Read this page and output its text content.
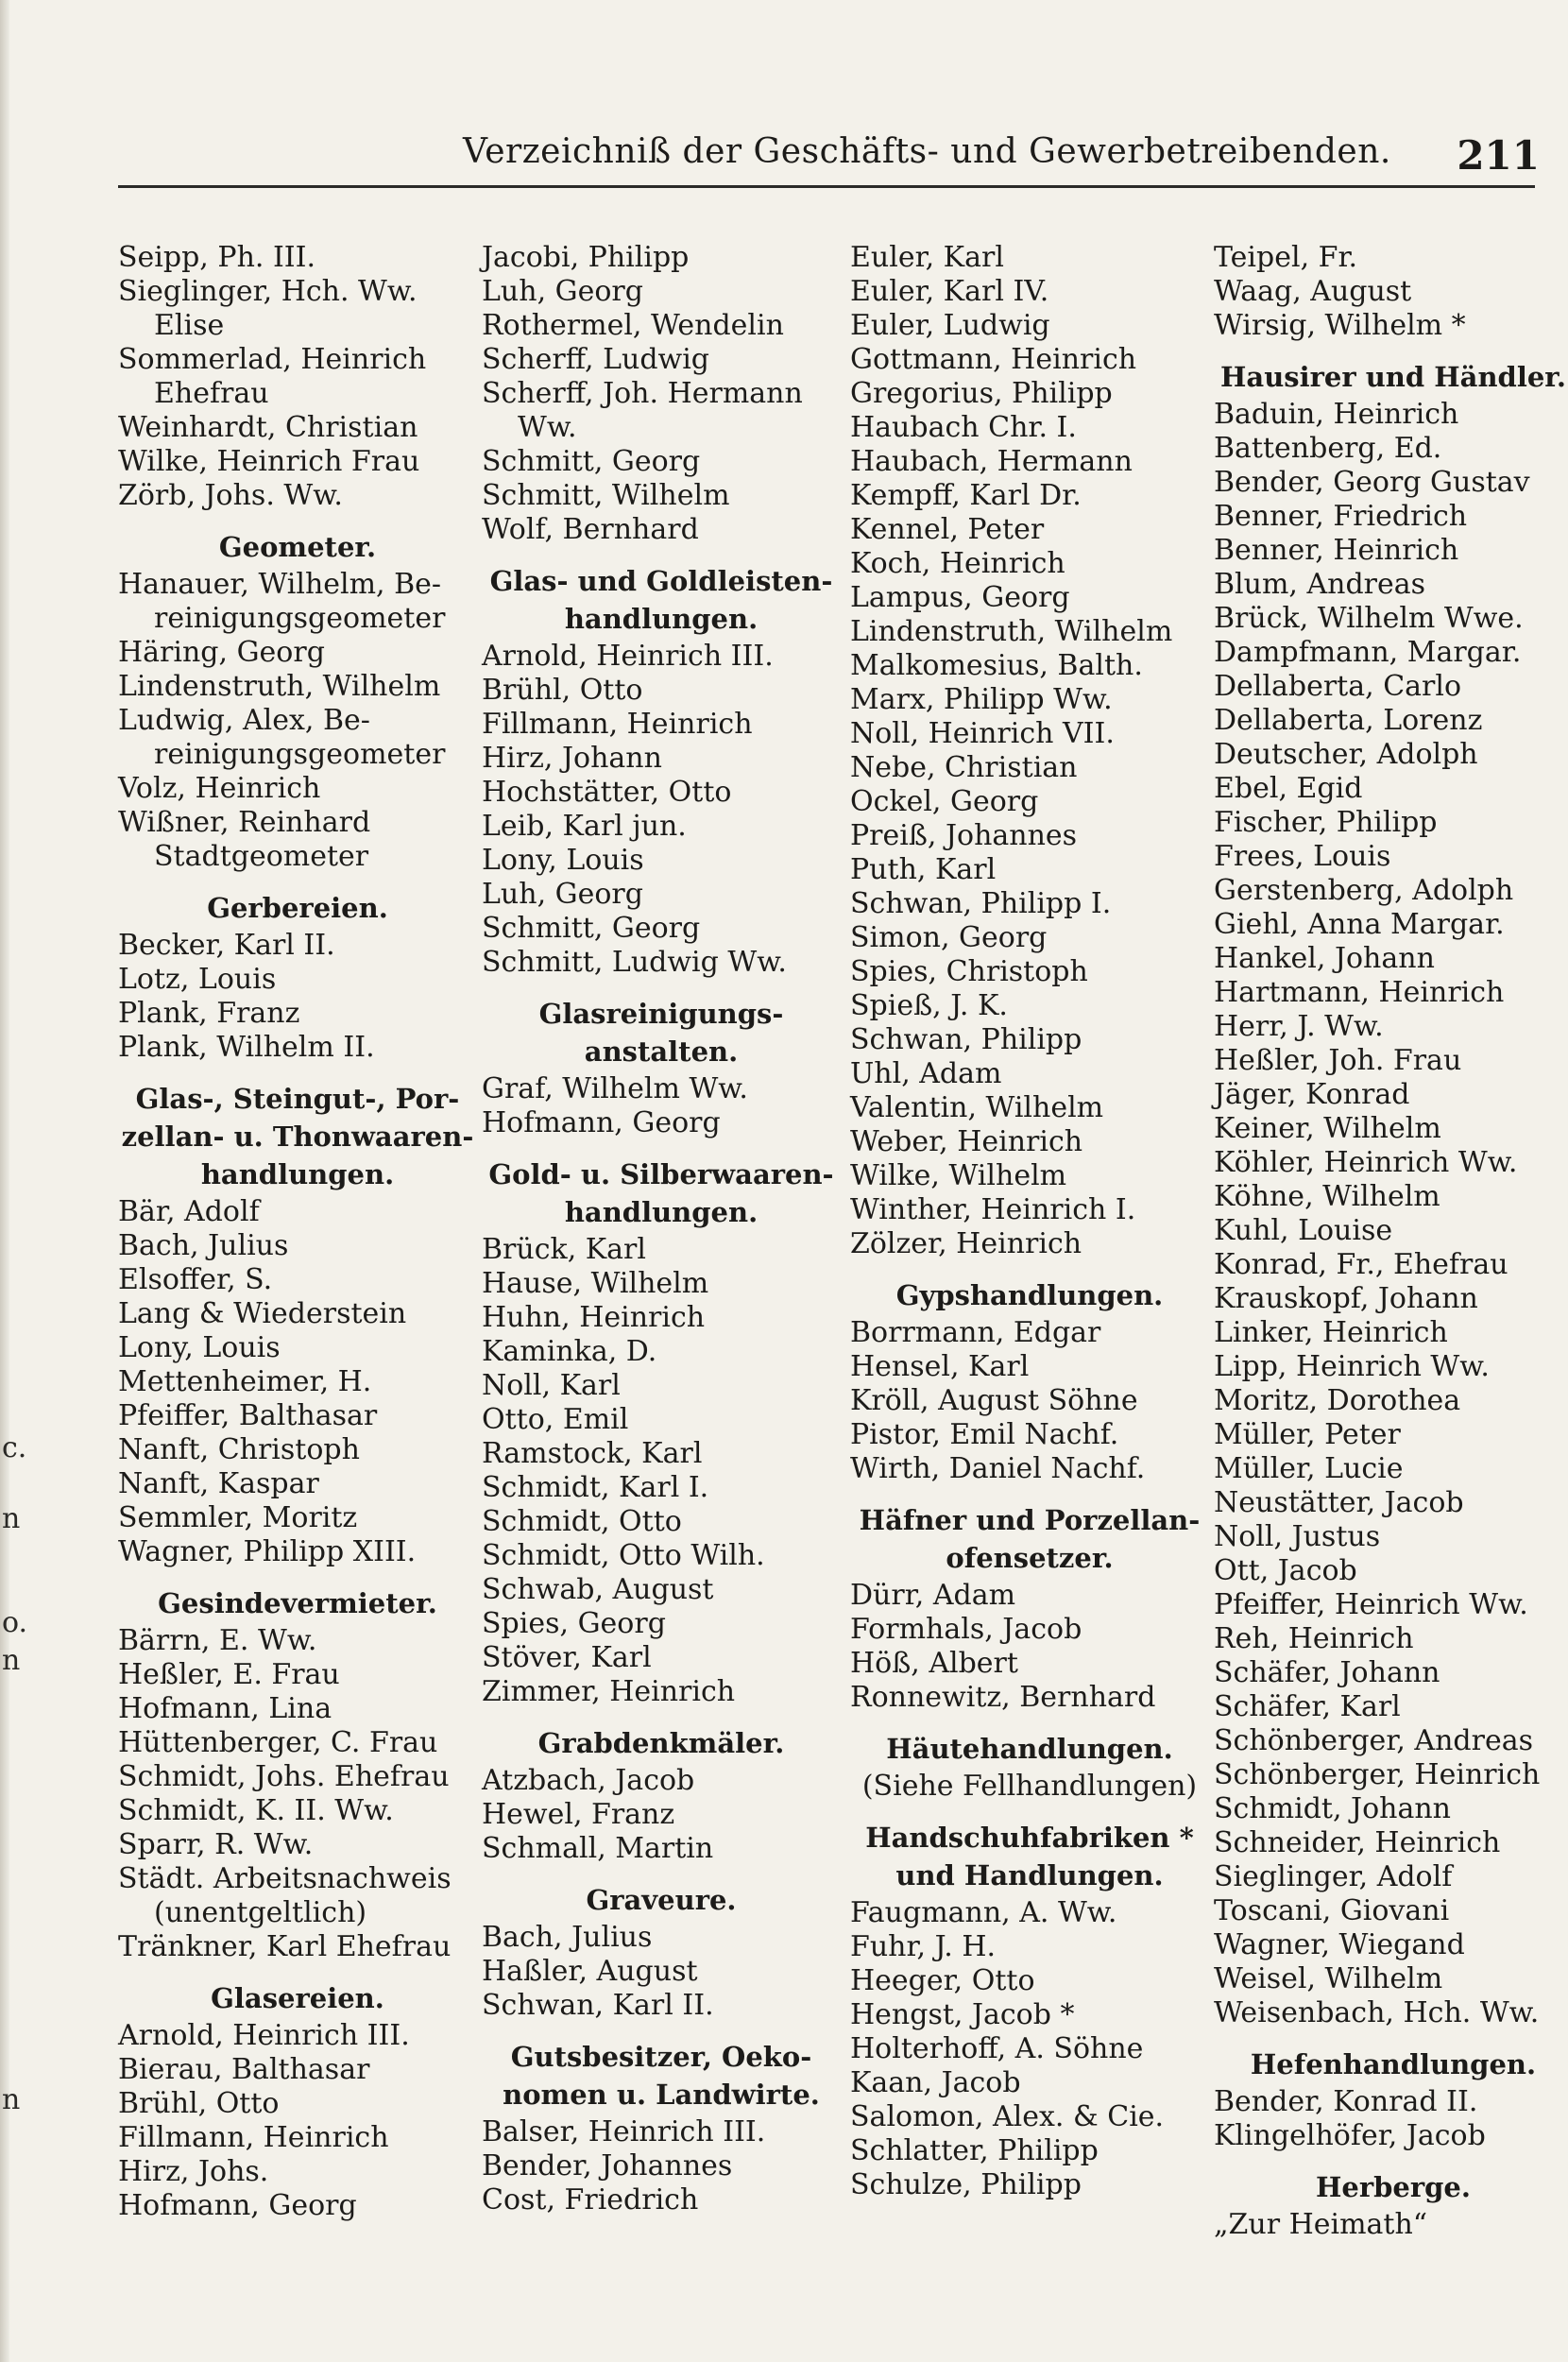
c.
n
o.
n
n
Verzeichniß der Geschäfts- und Gewerbetreibenden. 211
Seipp, Ph. III.
Sieglinger, Hch. Ww.
Elise
Sommerlad, Heinrich
Ehefrau
Weinhardt, Christian
Wilke, Heinrich Frau
Zörb, Johs. Ww.
Geometer.
Hanauer, Wilhelm, Be-
reinigungsgeometer
Häring, Georg
Lindenstruth, Wilhelm
Ludwig, Alex, Be-
reinigungsgeometer
Volz, Heinrich
Wißner, Reinhard
Stadtgeometer
Gerbereien.
Becker, Karl II.
Lotz, Louis
Plank, Franz
Plank, Wilhelm II.
Glas-, Steingut-, Por-
zellan- u. Thonwaaren-
handlungen.
Bär, Adolf
Bach, Julius
Elsoffer, S.
Lang & Wiederstein
Lony, Louis
Mettenheimer, H.
Pfeiffer, Balthasar
Nanft, Christoph
Nanft, Kaspar
Semmler, Moritz
Wagner, Philipp XIII.
Gesindevermieter.
Bärrn, E. Ww.
Heßler, E. Frau
Hofmann, Lina
Hüttenberger, C. Frau
Schmidt, Johs. Ehefrau
Schmidt, K. II. Ww.
Sparr, R. Ww.
Städt. Arbeitsnachweis
(unentgeltlich)
Tränkner, Karl Ehefrau
Glasereien.
Arnold, Heinrich III.
Bierau, Balthasar
Brühl, Otto
Fillmann, Heinrich
Hirz, Johs.
Hofmann, Georg
Jacobi, Philipp
Luh, Georg
Rothermel, Wendelin
Scherff, Ludwig
Scherff, Joh. Hermann
Ww.
Schmitt, Georg
Schmitt, Wilhelm
Wolf, Bernhard
Glas- und Goldleisten-
handlungen.
Arnold, Heinrich III.
Brühl, Otto
Fillmann, Heinrich
Hirz, Johann
Hochstätter, Otto
Leib, Karl jun.
Lony, Louis
Luh, Georg
Schmitt, Georg
Schmitt, Ludwig Ww.
Glasreinigungs-
anstalten.
Graf, Wilhelm Ww.
Hofmann, Georg
Gold- u. Silberwaaren-
handlungen.
Brück, Karl
Hause, Wilhelm
Huhn, Heinrich
Kaminka, D.
Noll, Karl
Otto, Emil
Ramstock, Karl
Schmidt, Karl I.
Schmidt, Otto
Schmidt, Otto Wilh.
Schwab, August
Spies, Georg
Stöver, Karl
Zimmer, Heinrich
Grabdenkmäler.
Atzbach, Jacob
Hewel, Franz
Schmall, Martin
Graveure.
Bach, Julius
Haßler, August
Schwan, Karl II.
Gutsbesitzer, Oeko-
nomen u. Landwirte.
Balser, Heinrich III.
Bender, Johannes
Cost, Friedrich
Euler, Karl
Euler, Karl IV.
Euler, Ludwig
Gottmann, Heinrich
Gregorius, Philipp
Haubach Chr. I.
Haubach, Hermann
Kempff, Karl Dr.
Kennel, Peter
Koch, Heinrich
Lampus, Georg
Lindenstruth, Wilhelm
Malkomesius, Balth.
Marx, Philipp Ww.
Noll, Heinrich VII.
Nebe, Christian
Ockel, Georg
Preiß, Johannes
Puth, Karl
Schwan, Philipp I.
Simon, Georg
Spies, Christoph
Spieß, J. K.
Schwan, Philipp
Uhl, Adam
Valentin, Wilhelm
Weber, Heinrich
Wilke, Wilhelm
Winther, Heinrich I.
Zölzer, Heinrich
Gypshandlungen.
Borrmann, Edgar
Hensel, Karl
Kröll, August Söhne
Pistor, Emil Nachf.
Wirth, Daniel Nachf.
Häfner und Porzellan-
ofensetzer.
Dürr, Adam
Formhals, Jacob
Höß, Albert
Ronnewitz, Bernhard
Häutehandlungen.
(Siehe Fellhandlungen)
Handschuhfabriken *
und Handlungen.
Faugmann, A. Ww.
Fuhr, J. H.
Heeger, Otto
Hengst, Jacob *
Holterhoff, A. Söhne
Kaan, Jacob
Salomon, Alex. & Cie.
Schlatter, Philipp
Schulze, Philipp
Teipel, Fr.
Waag, August
Wirsig, Wilhelm *
Hausirer und Händler.
Baduin, Heinrich
Battenberg, Ed.
Bender, Georg Gustav
Benner, Friedrich
Benner, Heinrich
Blum, Andreas
Brück, Wilhelm Wwe.
Dampfmann, Margar.
Dellaberta, Carlo
Dellaberta, Lorenz
Deutscher, Adolph
Ebel, Egid
Fischer, Philipp
Frees, Louis
Gerstenberg, Adolph
Giehl, Anna Margar.
Hankel, Johann
Hartmann, Heinrich
Herr, J. Ww.
Heßler, Joh. Frau
Jäger, Konrad
Keiner, Wilhelm
Köhler, Heinrich Ww.
Köhne, Wilhelm
Kuhl, Louise
Konrad, Fr., Ehefrau
Krauskopf, Johann
Linker, Heinrich
Lipp, Heinrich Ww.
Moritz, Dorothea
Müller, Peter
Müller, Lucie
Neustätter, Jacob
Noll, Justus
Ott, Jacob
Pfeiffer, Heinrich Ww.
Reh, Heinrich
Schäfer, Johann
Schäfer, Karl
Schönberger, Andreas
Schönberger, Heinrich
Schmidt, Johann
Schneider, Heinrich
Sieglinger, Adolf
Toscani, Giovani
Wagner, Wiegand
Weisel, Wilhelm
Weisenbach, Hch. Ww.
Hefenhandlungen.
Bender, Konrad II.
Klingelhöfer, Jacob
Herberge.
„Zur Heimath“
